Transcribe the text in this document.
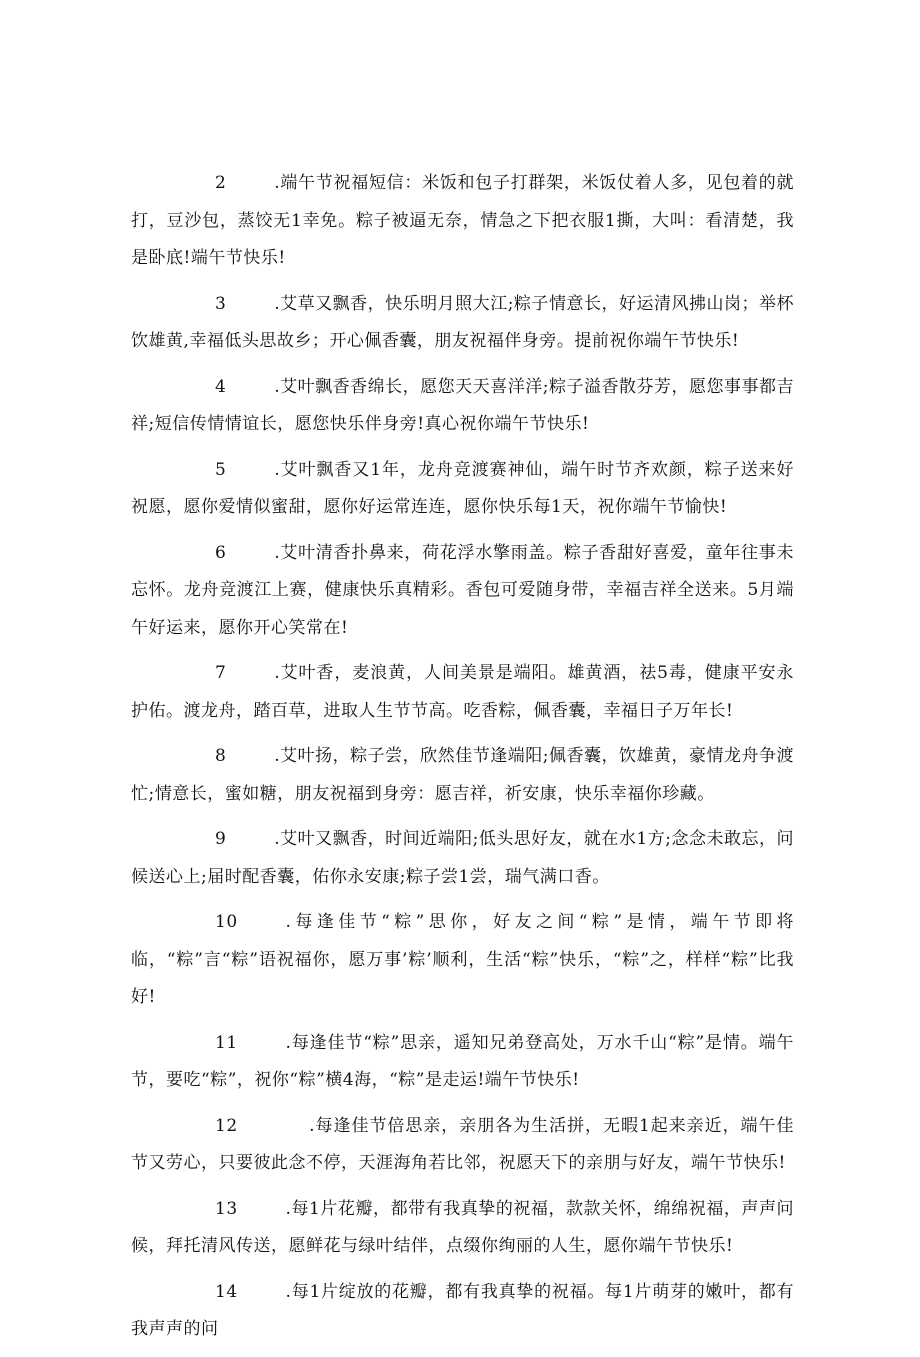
2 .端午节祝福短信：米饭和包子打群架，米饭仗着人多，见包着的就打，豆沙包，蒸饺无1幸免。粽子被逼无奈，情急之下把衣服1撕，大叫：看清楚，我是卧底!端午节快乐!

3 .艾草又飘香，快乐明月照大江;粽子情意长，好运清风拂山岗；举杯饮雄黄,幸福低头思故乡；开心佩香囊，朋友祝福伴身旁。提前祝你端午节快乐!

4 .艾叶飘香香绵长，愿您天天喜洋洋;粽子溢香散芬芳，愿您事事都吉祥;短信传情情谊长，愿您快乐伴身旁!真心祝你端午节快乐!

5 .艾叶飘香又1年，龙舟竞渡赛神仙，端午时节齐欢颜，粽子送来好祝愿，愿你爱情似蜜甜，愿你好运常连连，愿你快乐每1天，祝你端午节愉快!

6 .艾叶清香扑鼻来，荷花浮水擎雨盖。粽子香甜好喜爱，童年往事未忘怀。龙舟竞渡江上赛，健康快乐真精彩。香包可爱随身带，幸福吉祥全送来。5月端午好运来，愿你开心笑常在!

7 .艾叶香，麦浪黄，人间美景是端阳。雄黄酒，祛5毒，健康平安永护佑。渡龙舟，踏百草，进取人生节节高。吃香粽，佩香囊，幸福日子万年长!

8 .艾叶扬，粽子尝，欣然佳节逢端阳;佩香囊，饮雄黄，豪情龙舟争渡忙;情意长，蜜如糖，朋友祝福到身旁：愿吉祥，祈安康，快乐幸福你珍藏。

9 .艾叶又飘香，时间近端阳;低头思好友，就在水1方;念念未敢忘，问候送心上;届时配香囊，佑你永安康;粽子尝1尝，瑞气满口香。

10 .每逢佳节“粽”思你，好友之间“粽”是情，端午节即将临，“粽”言“粽”语祝福你，愿万事’粽’顺利，生活“粽”快乐，“粽”之，样样“粽”比我好!

11 .每逢佳节“粽”思亲，遥知兄弟登高处，万水千山“粽”是情。端午节，要吃“粽”，祝你“粽”横4海，“粽”是走运!端午节快乐!

12     .每逢佳节倍思亲，亲朋各为生活拼，无暇1起来亲近，端午佳节又劳心，只要彼此念不停，天涯海角若比邻，祝愿天下的亲朋与好友，端午节快乐!

13 .每1片花瓣，都带有我真挚的祝福，款款关怀，绵绵祝福，声声问候，拜托清风传送，愿鲜花与绿叶结伴，点缀你绚丽的人生，愿你端午节快乐!

14 .每1片绽放的花瓣，都有我真挚的祝福。每1片萌芽的嫩叶，都有我声声的问
